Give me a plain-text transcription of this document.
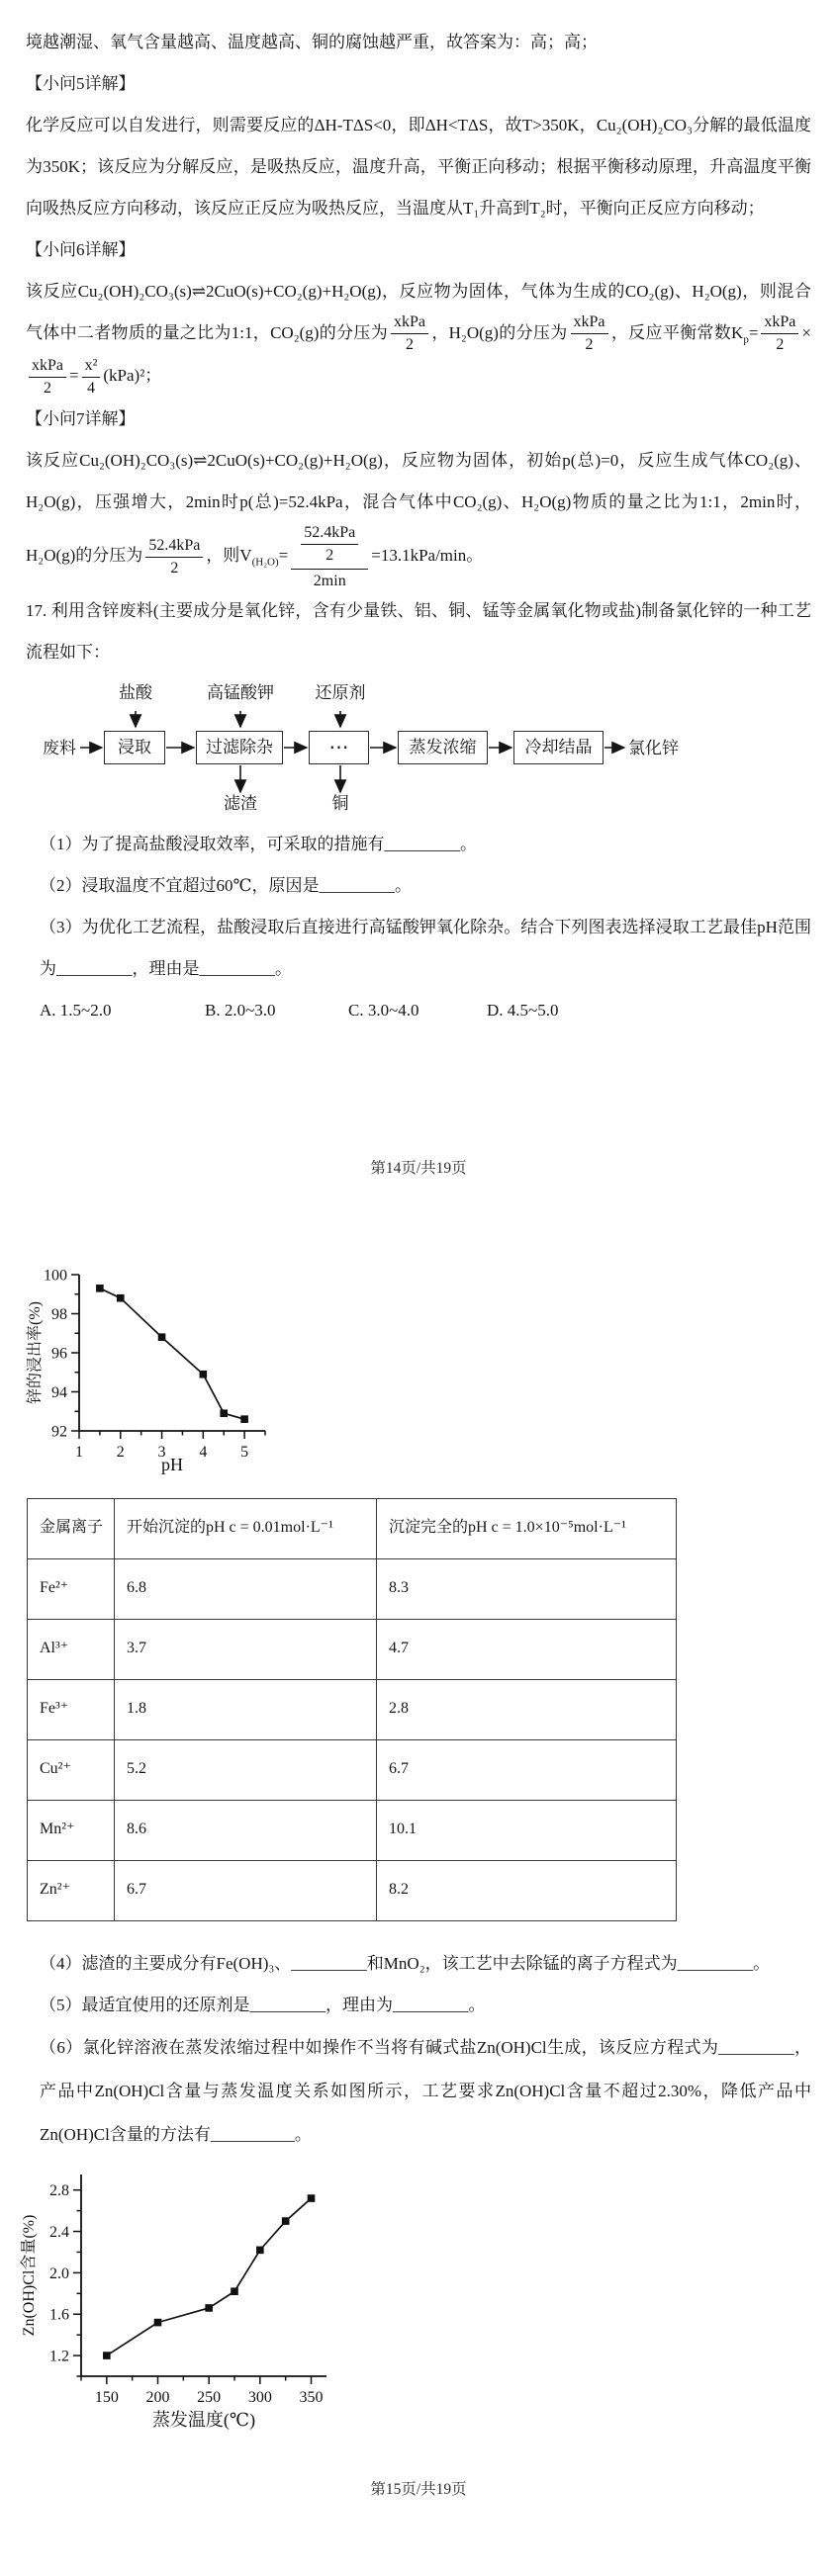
境越潮湿、氧气含量越高、温度越高、铜的腐蚀越严重，故答案为：高；高；

【小问5详解】

化学反应可以自发进行，则需要反应的ΔH-TΔS<0，即ΔH<TΔS，故T>350K，Cu₂(OH)₂CO₃分解的最低温度为350K；该反应为分解反应，是吸热反应，温度升高，平衡正向移动；根据平衡移动原理，升高温度平衡向吸热反应方向移动，该反应正反应为吸热反应，当温度从T₁升高到T₂时，平衡向正反应方向移动；

【小问6详解】

该反应Cu₂(OH)₂CO₃(s)⇌2CuO(s)+CO₂(g)+H₂O(g)，反应物为固体，气体为生成的CO₂(g)、H₂O(g)，则混合气体中二者物质的量之比为1:1，CO₂(g)的分压为 $\frac{\text{xkPa}}{2}$ ，H₂O(g)的分压为 $\frac{\text{xkPa}}{2}$ ，反应平衡常数$K_p= \frac{\text{xkPa}}{2}$ ×
$\frac{\text{xkPa}}{2} = \frac{\text{x²}}{4} (kPa)^2$；

【小问7详解】

该反应Cu₂(OH)₂CO₃(s)⇌2CuO(s)+CO₂(g)+H₂O(g)，反应物为固体，初始p(总)=0，反应生成气体CO₂(g)、H₂O(g)，压强增大，2min时p(总)=52.4kPa，混合气体中CO₂(g)、H₂O(g)物质的量之比为1:1，2min时，H₂O(g)的分压为 $\frac{\text{52.4kPa}}{2}$ ，则$V_{(H_2O)}= \frac{\text{52.4kPa}}{2}$
2min
=13.1kPa/min。

17. 利用含锌废料(主要成分是氧化锌，含有少量铁、铝、铜、锰等金属氧化物或盐)制备氯化锌的一种工艺流程如下：

盐酸	高锰酸钾 还原剂
废料	浸取	过滤除杂	⋯	蒸发浓缩	冷却结晶	氯化锌
滤渣	铜

（1）为了提高盐酸浸取效率，可采取的措施有_________。

（2）浸取温度不宜超过60℃，原因是_________。

（3）为优化工艺流程，盐酸浸取后直接进行高锰酸钾氧化除杂。结合下列图表选择浸取工艺最佳pH范围为_________，理由是_________。

A. 1.5~2.0	B. 2.0~3.0	C. 3.0~4.0	D. 4.5~5.0

第14页/共19页

1 2 3 4 5
92
94
96
98
100
pH
锌的浸出率(%)
金属离子	开始沉淀的pH c = 0.01mol·L⁻¹	沉淀完全的pH c = 1.0×10⁻⁵mol·L⁻¹
Fe²⁺	6.8	8.3
Al³⁺	3.7	4.7
Fe³⁺	1.8	2.8
Cu²⁺	5.2	6.7
Mn²⁺	8.6	10.1
Zn²⁺	6.7	8.2

（4）滤渣的主要成分有Fe(OH)₃、_________和MnO₂，该工艺中去除锰的离子方程式为_________。

（5）最适宜使用的还原剂是_________，理由为_________。

（6）氯化锌溶液在蒸发浓缩过程中如操作不当将有碱式盐Zn(OH)Cl生成，该反应方程式为_________，产品中Zn(OH)Cl含量与蒸发温度关系如图所示，工艺要求Zn(OH)Cl含量不超过2.30%，降低产品中Zn(OH)Cl含量的方法有__________。

150 200 250 300 350
1.2
1.6
2.0
2.4
2.8
蒸发温度(℃)
Zn(OH)Cl含量(%)

第15页/共19页
